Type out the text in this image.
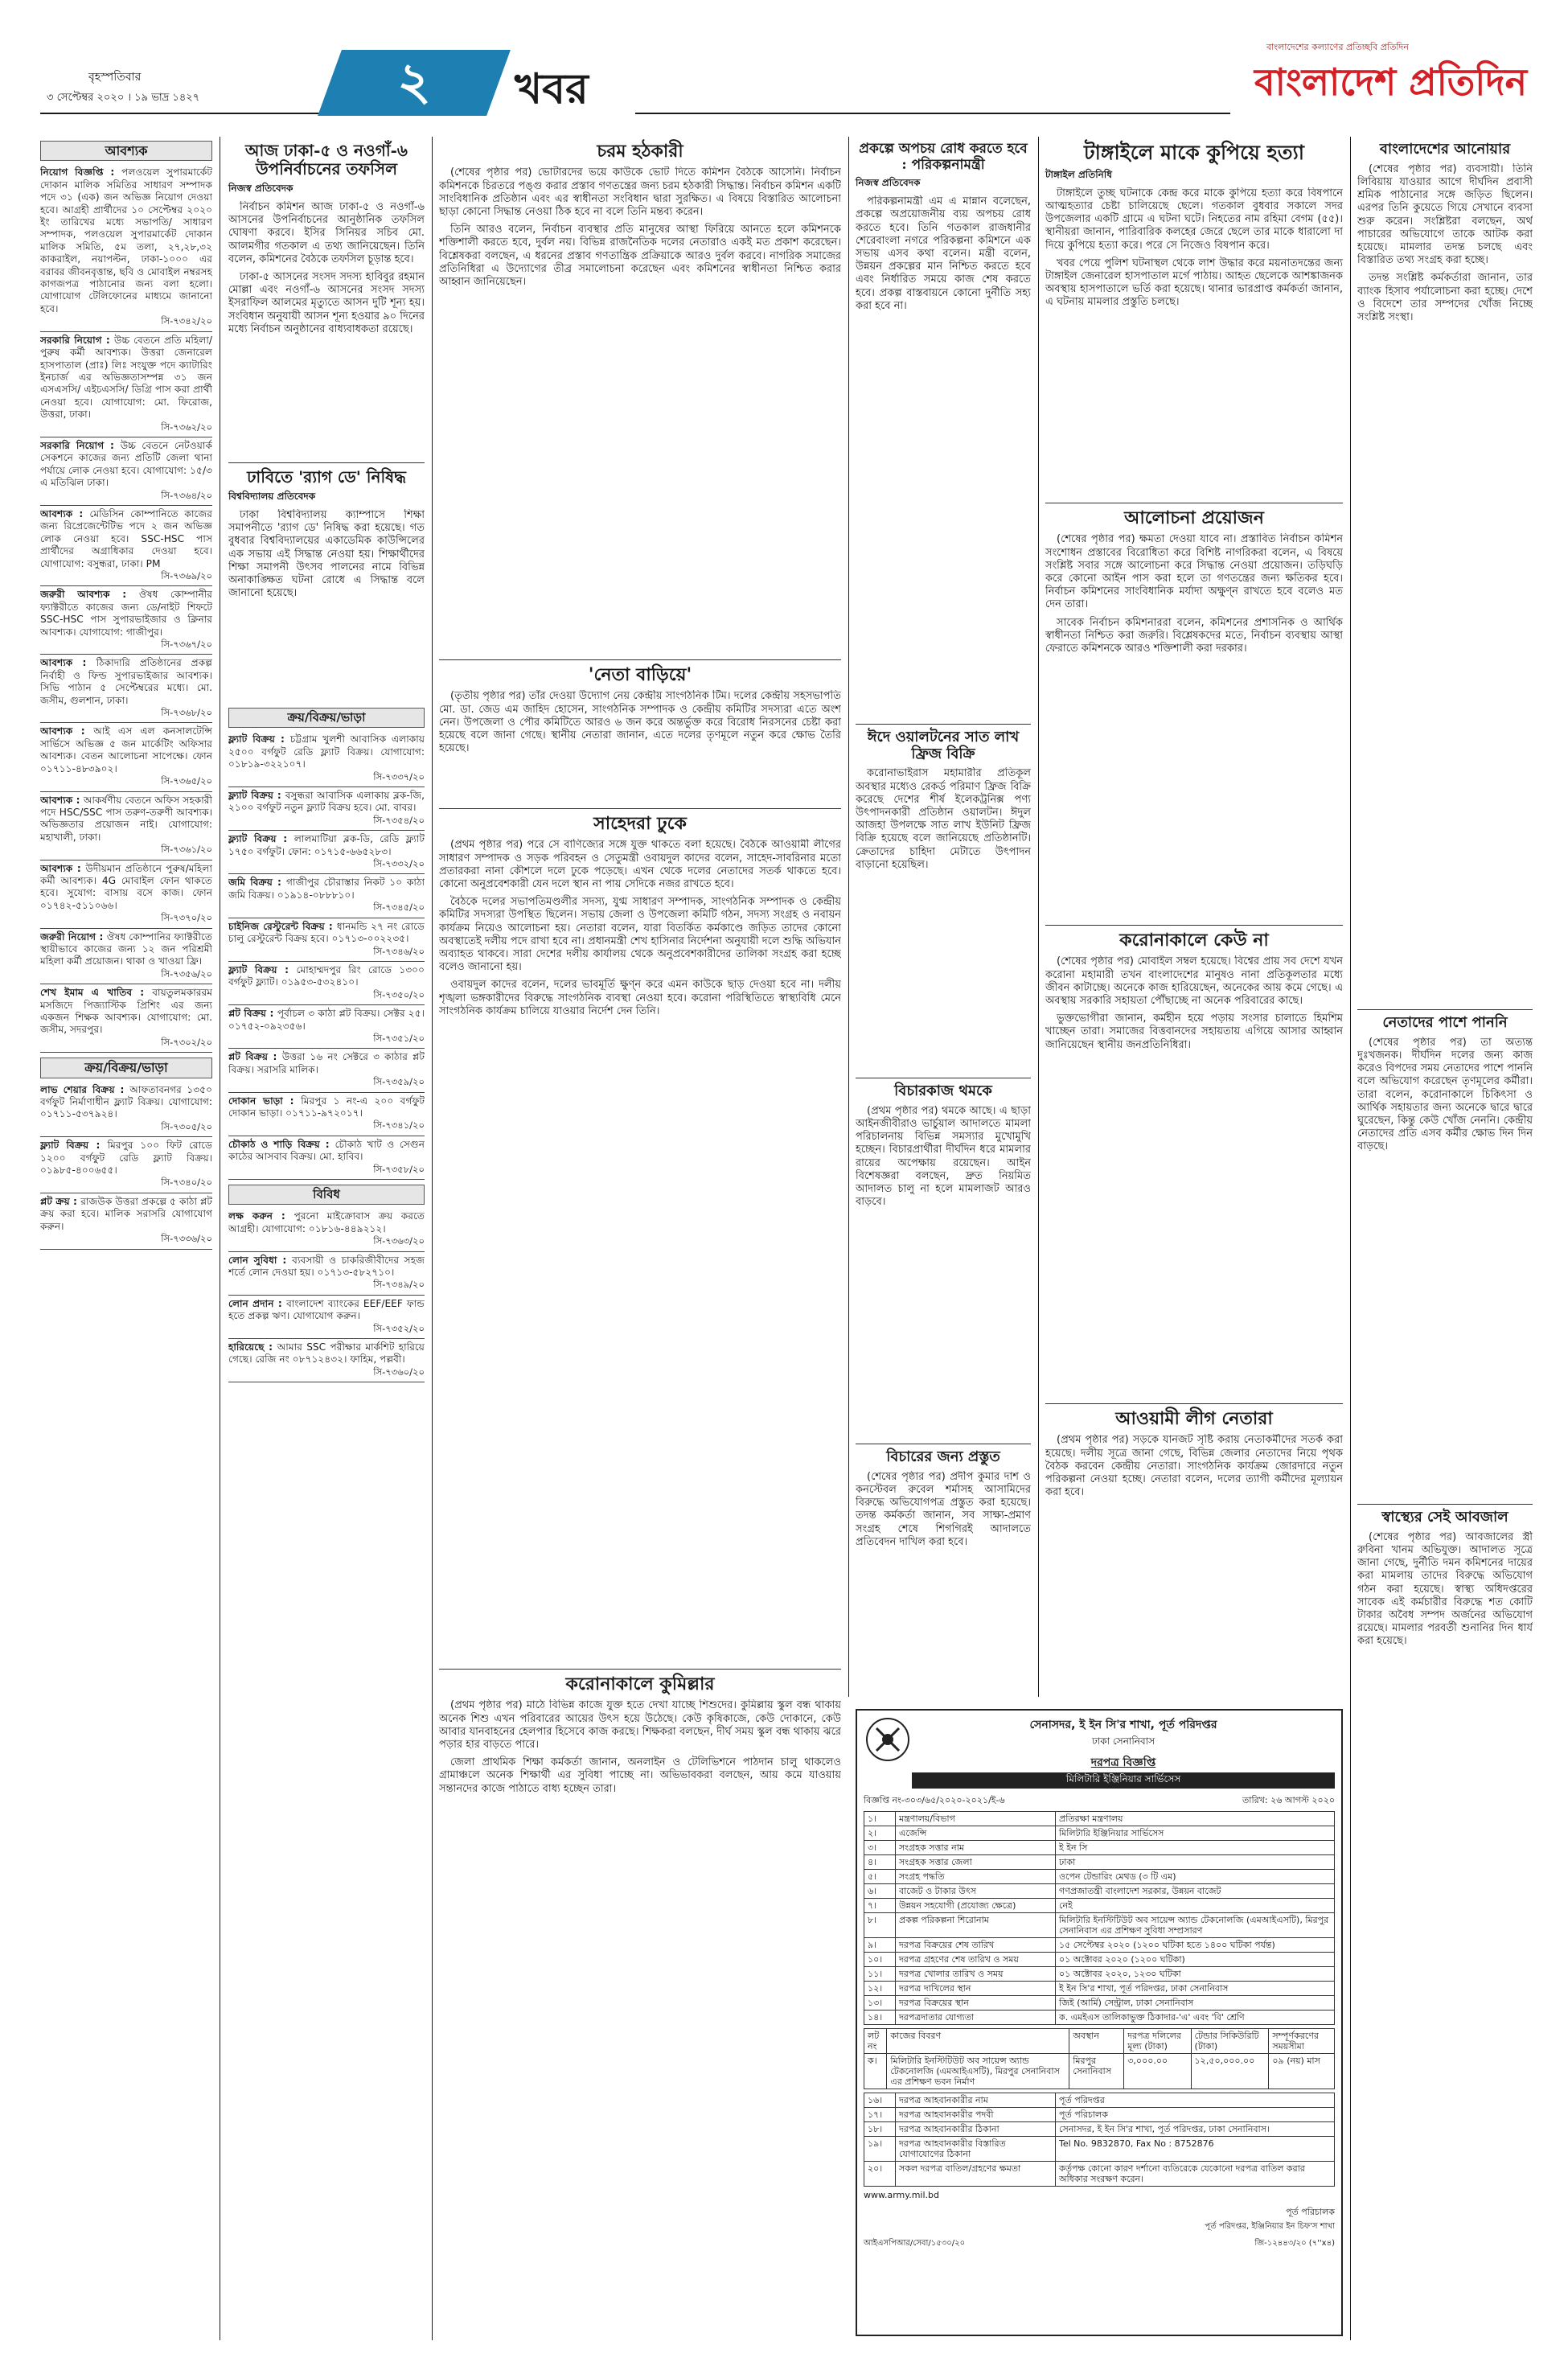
বৃহস্পতিবার
৩ সেপ্টেম্বর ২০২০ । ১৯ ভাদ্র ১৪২৭	২	খবর
বাংলাদেশের কল্যাণের প্রতিচ্ছবি প্রতিদিন
বাংলাদেশ প্রতিদিন
আবশ্যক
নিয়োগ বিজ্ঞপ্তি : পলওয়েল সুপারমার্কেট দোকান মালিক সমিতির সাধারণ সম্পাদক পদে ৩১ (এক) জন অভিজ্ঞ নিয়োগ দেওয়া হবে। আগ্রহী প্রার্থীদের ১০ সেপ্টেম্বর ২০২০ ইং তারিখের মধ্যে সভাপতি/ সাধারণ সম্পাদক, পলওয়েল সুপারমার্কেট দোকান মালিক সমিতি, ৫ম তলা, ২৭,২৮,৩২ কাকরাইল, নয়াপল্টন, ঢাকা-১০০০ এর বরাবর জীবনবৃত্তান্ত, ছবি ও মোবাইল নম্বরসহ কাগজপত্র পাঠানোর জন্য বলা হলো। যোগাযোগ টেলিফোনের মাধ্যমে জানানো হবে।
সি-৭৩৪২/২০
সরকারি নিয়োগ : উচ্চ বেতনে প্রতি মহিলা/পুরুষ কর্মী আবশ্যক। উত্তরা জেনারেল হাসপাতাল (প্রাঃ) লিঃ সংযুক্ত পদে ক্যাটারিং ইনচার্জ এর অভিজ্ঞতাসম্পন্ন ৩১ জন এসএসসি/ এইচএসসি/ ডিগ্রি পাস করা প্রার্থী নেওয়া হবে। যোগাযোগ: মো. ফিরোজ, উত্তরা, ঢাকা।
সি-৭৩৬২/২০
সরকারি নিয়োগ : উচ্চ বেতনে নেটওয়ার্ক সেকশনে কাজের জন্য প্রতিটি জেলা থানা পর্যায়ে লোক নেওয়া হবে। যোগাযোগ: ১৫/৩ এ মতিঝিল ঢাকা।
সি-৭৩৬৪/২০
আবশ্যক : মেডিসিন কোম্পানিতে কাজের জন্য রিপ্রেজেন্টেটিভ পদে ২ জন অভিজ্ঞ লোক নেওয়া হবে। SSC-HSC পাস প্রার্থীদের অগ্রাধিকার দেওয়া হবে। যোগাযোগ: বসুন্ধরা, ঢাকা। PM
সি-৭৩৬৯/২০
জরুরী আবশ্যক : ঔষধ কোম্পানীর ফ্যাক্টরীতে কাজের জন্য ডে/নাইট শিফটে SSC-HSC পাস সুপারভাইজার ও ক্লিনার আবশ্যক। যোগাযোগ: গাজীপুর।
সি-৭৩৬৭/২০
আবশ্যক : ঠিকাদারি প্রতিষ্ঠানের প্রকল্প নির্বাহী ও ফিল্ড সুপারভাইজার আবশ্যক। সিভি পাঠান ৫ সেপ্টেম্বরের মধ্যে। মো. জসীম, গুলশান, ঢাকা।
সি-৭৩৬৮/২০
আবশ্যক : আই এস এল কনসালটেন্সি সার্ভিসে অভিজ্ঞ ৫ জন মার্কেটিং অফিসার আবশ্যক। বেতন আলোচনা সাপেক্ষে। ফোন ০১৭১১-৪৮৩৯০২।
সি-৭৩৬৫/২০
আবশ্যক : আকর্ষণীয় বেতনে অফিস সহকারী পদে HSC/SSC পাস তরুণ-তরুণী আবশ্যক। অভিজ্ঞতার প্রয়োজন নাই। যোগাযোগ: মহাখালী, ঢাকা।
সি-৭৩৬১/২০
আবশ্যক : উদীয়মান প্রতিষ্ঠানে পুরুষ/মহিলা কর্মী আবশ্যক। 4G মোবাইল ফোন থাকতে হবে। সুযোগ: বাসায় বসে কাজ। ফোন ০১৭৪২-৫১১০৬৬।
সি-৭৩৭০/২০
জরুরী নিয়োগ : ঔষধ কোম্পানির ফ্যাক্টরীতে স্থায়ীভাবে কাজের জন্য ১২ জন পরিশ্রমী মহিলা কর্মী প্রয়োজন। থাকা ও খাওয়া ফ্রি।
সি-৭৩৫৬/২০
শেখ ইমাম এ খাতিব : বায়তুলমকাররম মসজিদে পিজ্যাস্টিক প্রিশিং এর জন্য একজন শিক্ষক আবশ্যক। যোগাযোগ: মো. জসীম, সদরপুর।
সি-৭৩০২/২০
ক্রয়/বিক্রয়/ভাড়া
লাভ শেয়ার বিক্রয় : আফতাবনগর ১৩৫০ বর্গফুট নির্মাণাধীন ফ্ল্যাট বিক্রয়। যোগাযোগ: ০১৭১১-৫৩৭৯২৪।
সি-৭৩০৫/২০
ফ্ল্যাট বিক্রয় : মিরপুর ১০০ ফিট রোডে ১২০০ বর্গফুট রেডি ফ্ল্যাট বিক্রয়। ০১৯৮৫-৪০০৬৫৫।
সি-৭৩৪০/২০
প্লট ক্রয় : রাজউক উত্তরা প্রকল্পে ৫ কাঠা প্লট ক্রয় করা হবে। মালিক সরাসরি যোগাযোগ করুন।
সি-৭৩৩৬/২০
আজ ঢাকা-৫ ও নওগাঁ-৬ উপনির্বাচনের তফসিল
নিজস্ব প্রতিবেদক

নির্বাচন কমিশন আজ ঢাকা-৫ ও নওগাঁ-৬ আসনের উপনির্বাচনের আনুষ্ঠানিক তফসিল ঘোষণা করবে। ইসির সিনিয়র সচিব মো. আলমগীর গতকাল এ তথ্য জানিয়েছেন। তিনি বলেন, কমিশনের বৈঠকে তফসিল চূড়ান্ত হবে।

ঢাকা-৫ আসনের সংসদ সদস্য হাবিবুর রহমান মোল্লা এবং নওগাঁ-৬ আসনের সংসদ সদস্য ইসরাফিল আলমের মৃত্যুতে আসন দুটি শূন্য হয়। সংবিধান অনুযায়ী আসন শূন্য হওয়ার ৯০ দিনের মধ্যে নির্বাচন অনুষ্ঠানের বাধ্যবাধকতা রয়েছে।

ঢাবিতে 'র‍্যাগ ডে' নিষিদ্ধ
বিশ্ববিদ্যালয় প্রতিবেদক

ঢাকা বিশ্ববিদ্যালয় ক্যাম্পাসে শিক্ষা সমাপনীতে 'র‍্যাগ ডে' নিষিদ্ধ করা হয়েছে। গত বুধবার বিশ্ববিদ্যালয়ের একাডেমিক কাউন্সিলের এক সভায় এই সিদ্ধান্ত নেওয়া হয়। শিক্ষার্থীদের শিক্ষা সমাপনী উৎসব পালনের নামে বিভিন্ন অনাকাঙ্ক্ষিত ঘটনা রোধে এ সিদ্ধান্ত বলে জানানো হয়েছে।

ক্রয়/বিক্রয়/ভাড়া
ফ্ল্যাট বিক্রয় : চট্টগ্রাম খুলশী আবাসিক এলাকায় ২৫০০ বর্গফুট রেডি ফ্ল্যাট বিক্রয়। যোগাযোগ: ০১৮১৯-৩২২১০৭।
সি-৭৩৩৭/২০
ফ্ল্যাট বিক্রয় : বসুন্ধরা আবাসিক এলাকায় ব্লক-জি, ২১০০ বর্গফুট নতুন ফ্ল্যাট বিক্রয় হবে। মো. বাবর।
সি-৭৩৫৪/২০
ফ্ল্যাট বিক্রয় : লালমাটিয়া ব্লক-ডি, রেডি ফ্ল্যাট ১৭৫০ বর্গফুট। ফোন: ০১৭১৫-৬৬৫২৮৩।
সি-৭৩৩২/২০
জমি বিক্রয় : গাজীপুর চৌরাস্তার নিকট ১০ কাঠা জমি বিক্রয়। ০১৯১৪-০৮৮৮১০।
সি-৭৩৪৫/২০
চাইনিজ রেস্টুরেন্ট বিক্রয় : ধানমন্ডি ২৭ নং রোডে চালু রেস্টুরেন্ট বিক্রয় হবে। ০১৭১৩-০০২২৩৫।
সি-৭৩৪৬/২০
ফ্ল্যাট বিক্রয় : মোহাম্মদপুর রিং রোডে ১৩০০ বর্গফুট ফ্ল্যাট। ০১৯৫৩-৫৩২৪১০।
সি-৭৩৫০/২০
প্লট বিক্রয় : পূর্বাচল ৩ কাঠা প্লট বিক্রয়। সেক্টর ২৫। ০১৭৫২-০৯২৩৫৬।
সি-৭৩৫১/২০
প্লট বিক্রয় : উত্তরা ১৬ নং সেক্টরে ৩ কাঠার প্লট বিক্রয়। সরাসরি মালিক।
সি-৭৩৫৯/২০
দোকান ভাড়া : মিরপুর ১ নং-এ ২০০ বর্গফুট দোকান ভাড়া। ০১৭১১-৯৭২০১৭।
সি-৭৩৪১/২০
চৌকাঠ ও শাড়ি বিক্রয় : চৌকাঠ খাট ও সেগুন কাঠের আসবাব বিক্রয়। মো. হাবিব।
সি-৭৩৫৮/২০
বিবিধ
লক্ষ করুন : পুরনো মাইক্রোবাস ক্রয় করতে আগ্রহী। যোগাযোগ: ০১৮১৬-৪৪৯২১২।
সি-৭৩৬৩/২০
লোন সুবিধা : ব্যবসায়ী ও চাকরিজীবীদের সহজ শর্তে লোন দেওয়া হয়। ০১৭১৩-৫৮২৭১০।
সি-৭৩৪৯/২০
লোন প্রদান : বাংলাদেশ ব্যাংকের EEF/EEF ফান্ড হতে প্রকল্প ঋণ। যোগাযোগ করুন।
সি-৭৩৫২/২০
হারিয়েছে : আমার SSC পরীক্ষার মার্কশিট হারিয়ে গেছে। রেজি নং ০৮৭১২৪৩২। ফাহিম, পল্লবী।
সি-৭৩৬০/২০
চরম হঠকারী

(শেষের পৃষ্ঠার পর) ভোটারদের ভয়ে কাউকে ভোট দিতে কমিশন বৈঠকে আসেনি। নির্বাচন কমিশনকে চিরতরে পঙ্গু করার প্রস্তাব গণতন্ত্রের জন্য চরম হঠকারী সিদ্ধান্ত। নির্বাচন কমিশন একটি সাংবিধানিক প্রতিষ্ঠান এবং এর স্বাধীনতা সংবিধান দ্বারা সুরক্ষিত। এ বিষয়ে বিস্তারিত আলোচনা ছাড়া কোনো সিদ্ধান্ত নেওয়া ঠিক হবে না বলে তিনি মন্তব্য করেন।

তিনি আরও বলেন, নির্বাচন ব্যবস্থার প্রতি মানুষের আস্থা ফিরিয়ে আনতে হলে কমিশনকে শক্তিশালী করতে হবে, দুর্বল নয়। বিভিন্ন রাজনৈতিক দলের নেতারাও একই মত প্রকাশ করেছেন। বিশ্লেষকরা বলছেন, এ ধরনের প্রস্তাব গণতান্ত্রিক প্রক্রিয়াকে আরও দুর্বল করবে। নাগরিক সমাজের প্রতিনিধিরা এ উদ্যোগের তীব্র সমালোচনা করেছেন এবং কমিশনের স্বাধীনতা নিশ্চিত করার আহ্বান জানিয়েছেন।

'নেতা বাড়িয়ে'

(তৃতীয় পৃষ্ঠার পর) তাঁর দেওয়া উদ্যোগ নেয় কেন্দ্রীয় সাংগঠনিক টিম। দলের কেন্দ্রীয় সহসভাপতি মো. ডা. জেড এম জাহিদ হোসেন, সাংগঠনিক সম্পাদক ও কেন্দ্রীয় কমিটির সদস্যরা এতে অংশ নেন। উপজেলা ও পৌর কমিটিতে আরও ৬ জন করে অন্তর্ভুক্ত করে বিরোধ নিরসনের চেষ্টা করা হয়েছে বলে জানা গেছে। স্থানীয় নেতারা জানান, এতে দলের তৃণমূলে নতুন করে ক্ষোভ তৈরি হয়েছে।

সাহেদরা ঢুকে

(প্রথম পৃষ্ঠার পর) পরে সে বাণিজ্যের সঙ্গে যুক্ত থাকতে বলা হয়েছে। বৈঠকে আওয়ামী লীগের সাধারণ সম্পাদক ও সড়ক পরিবহন ও সেতুমন্ত্রী ওবায়দুল কাদের বলেন, সাহেদ-সাবরিনার মতো প্রতারকরা নানা কৌশলে দলে ঢুকে পড়েছে। এখন থেকে দলের নেতাদের সতর্ক থাকতে হবে। কোনো অনুপ্রবেশকারী যেন দলে স্থান না পায় সেদিকে নজর রাখতে হবে।

বৈঠকে দলের সভাপতিমণ্ডলীর সদস্য, যুগ্ম সাধারণ সম্পাদক, সাংগঠনিক সম্পাদক ও কেন্দ্রীয় কমিটির সদস্যরা উপস্থিত ছিলেন। সভায় জেলা ও উপজেলা কমিটি গঠন, সদস্য সংগ্রহ ও নবায়ন কার্যক্রম নিয়েও আলোচনা হয়। নেতারা বলেন, যারা বিতর্কিত কর্মকাণ্ডে জড়িত তাদের কোনো অবস্থাতেই দলীয় পদে রাখা হবে না। প্রধানমন্ত্রী শেখ হাসিনার নির্দেশনা অনুযায়ী দলে শুদ্ধি অভিযান অব্যাহত থাকবে। সারা দেশের দলীয় কার্যালয় থেকে অনুপ্রবেশকারীদের তালিকা সংগ্রহ করা হচ্ছে বলেও জানানো হয়।

ওবায়দুল কাদের বলেন, দলের ভাবমূর্তি ক্ষুণ্ন করে এমন কাউকে ছাড় দেওয়া হবে না। দলীয় শৃঙ্খলা ভঙ্গকারীদের বিরুদ্ধে সাংগঠনিক ব্যবস্থা নেওয়া হবে। করোনা পরিস্থিতিতে স্বাস্থ্যবিধি মেনে সাংগঠনিক কার্যক্রম চালিয়ে যাওয়ার নির্দেশ দেন তিনি।

করোনাকালে কুমিল্লার

(প্রথম পৃষ্ঠার পর) মাঠে বিভিন্ন কাজে যুক্ত হতে দেখা যাচ্ছে শিশুদের। কুমিল্লায় স্কুল বন্ধ থাকায় অনেক শিশু এখন পরিবারের আয়ের উৎস হয়ে উঠেছে। কেউ কৃষিকাজে, কেউ দোকানে, কেউ আবার যানবাহনের হেলপার হিসেবে কাজ করছে। শিক্ষকরা বলছেন, দীর্ঘ সময় স্কুল বন্ধ থাকায় ঝরে পড়ার হার বাড়তে পারে।

জেলা প্রাথমিক শিক্ষা কর্মকর্তা জানান, অনলাইন ও টেলিভিশনে পাঠদান চালু থাকলেও গ্রামাঞ্চলে অনেক শিক্ষার্থী এর সুবিধা পাচ্ছে না। অভিভাবকরা বলছেন, আয় কমে যাওয়ায় সন্তানদের কাজে পাঠাতে বাধ্য হচ্ছেন তারা।

প্রকল্পে অপচয় রোধ করতে হবে : পরিকল্পনামন্ত্রী
নিজস্ব প্রতিবেদক

পরিকল্পনামন্ত্রী এম এ মান্নান বলেছেন, প্রকল্পে অপ্রয়োজনীয় ব্যয় অপচয় রোধ করতে হবে। তিনি গতকাল রাজধানীর শেরেবাংলা নগরে পরিকল্পনা কমিশনে এক সভায় এসব কথা বলেন। মন্ত্রী বলেন, উন্নয়ন প্রকল্পের মান নিশ্চিত করতে হবে এবং নির্ধারিত সময়ে কাজ শেষ করতে হবে। প্রকল্প বাস্তবায়নে কোনো দুর্নীতি সহ্য করা হবে না।

ঈদে ওয়ালটনের সাত লাখ ফ্রিজ বিক্রি

করোনাভাইরাস মহামারীর প্রতিকূল অবস্থার মধ্যেও রেকর্ড পরিমাণ ফ্রিজ বিক্রি করেছে দেশের শীর্ষ ইলেকট্রনিক্স পণ্য উৎপাদনকারী প্রতিষ্ঠান ওয়ালটন। ঈদুল আজহা উপলক্ষে সাত লাখ ইউনিট ফ্রিজ বিক্রি হয়েছে বলে জানিয়েছে প্রতিষ্ঠানটি। ক্রেতাদের চাহিদা মেটাতে উৎপাদন বাড়ানো হয়েছিল।

বিচারকাজ থমকে

(প্রথম পৃষ্ঠার পর) থমকে আছে। এ ছাড়া আইনজীবীরাও ভার্চুয়াল আদালতে মামলা পরিচালনায় বিভিন্ন সমস্যার মুখোমুখি হচ্ছেন। বিচারপ্রার্থীরা দীর্ঘদিন ধরে মামলার রায়ের অপেক্ষায় রয়েছেন। আইন বিশেষজ্ঞরা বলছেন, দ্রুত নিয়মিত আদালত চালু না হলে মামলাজট আরও বাড়বে।

বিচারের জন্য প্রস্তুত

(শেষের পৃষ্ঠার পর) প্রদীপ কুমার দাশ ও কনস্টেবল রুবেল শর্মাসহ আসামিদের বিরুদ্ধে অভিযোগপত্র প্রস্তুত করা হয়েছে। তদন্ত কর্মকর্তা জানান, সব সাক্ষ্য-প্রমাণ সংগ্রহ শেষে শিগগিরই আদালতে প্রতিবেদন দাখিল করা হবে।

টাঙ্গাইলে মাকে কুপিয়ে হত্যা
টাঙ্গাইল প্রতিনিধি

টাঙ্গাইলে তুচ্ছ ঘটনাকে কেন্দ্র করে মাকে কুপিয়ে হত্যা করে বিষপানে আত্মহত্যার চেষ্টা চালিয়েছে ছেলে। গতকাল বুধবার সকালে সদর উপজেলার একটি গ্রামে এ ঘটনা ঘটে। নিহতের নাম রহিমা বেগম (৫৫)। স্থানীয়রা জানান, পারিবারিক কলহের জেরে ছেলে তার মাকে ধারালো দা দিয়ে কুপিয়ে হত্যা করে। পরে সে নিজেও বিষপান করে।

খবর পেয়ে পুলিশ ঘটনাস্থল থেকে লাশ উদ্ধার করে ময়নাতদন্তের জন্য টাঙ্গাইল জেনারেল হাসপাতাল মর্গে পাঠায়। আহত ছেলেকে আশঙ্কাজনক অবস্থায় হাসপাতালে ভর্তি করা হয়েছে। থানার ভারপ্রাপ্ত কর্মকর্তা জানান, এ ঘটনায় মামলার প্রস্তুতি চলছে।

আলোচনা প্রয়োজন

(শেষের পৃষ্ঠার পর) ক্ষমতা দেওয়া যাবে না। প্রস্তাবিত নির্বাচন কমিশন সংশোধন প্রস্তাবের বিরোধিতা করে বিশিষ্ট নাগরিকরা বলেন, এ বিষয়ে সংশ্লিষ্ট সবার সঙ্গে আলোচনা করে সিদ্ধান্ত নেওয়া প্রয়োজন। তড়িঘড়ি করে কোনো আইন পাস করা হলে তা গণতন্ত্রের জন্য ক্ষতিকর হবে। নির্বাচন কমিশনের সাংবিধানিক মর্যাদা অক্ষুণ্ন রাখতে হবে বলেও মত দেন তারা।

সাবেক নির্বাচন কমিশনাররা বলেন, কমিশনের প্রশাসনিক ও আর্থিক স্বাধীনতা নিশ্চিত করা জরুরি। বিশ্লেষকদের মতে, নির্বাচন ব্যবস্থায় আস্থা ফেরাতে কমিশনকে আরও শক্তিশালী করা দরকার।

করোনাকালে কেউ না

(শেষের পৃষ্ঠার পর) মোবাইল সম্বল হয়েছে। বিশ্বের প্রায় সব দেশে যখন করোনা মহামারী তখন বাংলাদেশের মানুষও নানা প্রতিকূলতার মধ্যে জীবন কাটাচ্ছে। অনেকে কাজ হারিয়েছেন, অনেকের আয় কমে গেছে। এ অবস্থায় সরকারি সহায়তা পৌঁছাচ্ছে না অনেক পরিবারের কাছে।

ভুক্তভোগীরা জানান, কর্মহীন হয়ে পড়ায় সংসার চালাতে হিমশিম খাচ্ছেন তারা। সমাজের বিত্তবানদের সহায়তায় এগিয়ে আসার আহ্বান জানিয়েছেন স্থানীয় জনপ্রতিনিধিরা।

আওয়ামী লীগ নেতারা

(প্রথম পৃষ্ঠার পর) সড়কে যানজট সৃষ্টি করায় নেতাকর্মীদের সতর্ক করা হয়েছে। দলীয় সূত্রে জানা গেছে, বিভিন্ন জেলার নেতাদের নিয়ে পৃথক বৈঠক করবেন কেন্দ্রীয় নেতারা। সাংগঠনিক কার্যক্রম জোরদারে নতুন পরিকল্পনা নেওয়া হচ্ছে। নেতারা বলেন, দলের ত্যাগী কর্মীদের মূল্যায়ন করা হবে।

বাংলাদেশের আনোয়ার

(শেষের পৃষ্ঠার পর) ব্যবসায়ী। তিনি লিবিয়ায় যাওয়ার আগে দীর্ঘদিন প্রবাসী শ্রমিক পাঠানোর সঙ্গে জড়িত ছিলেন। এরপর তিনি কুয়েতে গিয়ে সেখানে ব্যবসা শুরু করেন। সংশ্লিষ্টরা বলছেন, অর্থ পাচারের অভিযোগে তাকে আটক করা হয়েছে। মামলার তদন্ত চলছে এবং বিস্তারিত তথ্য সংগ্রহ করা হচ্ছে।

তদন্ত সংশ্লিষ্ট কর্মকর্তারা জানান, তার ব্যাংক হিসাব পর্যালোচনা করা হচ্ছে। দেশে ও বিদেশে তার সম্পদের খোঁজ নিচ্ছে সংশ্লিষ্ট সংস্থা।

নেতাদের পাশে পাননি

(শেষের পৃষ্ঠার পর) তা অত্যন্ত দুঃখজনক। দীর্ঘদিন দলের জন্য কাজ করেও বিপদের সময় নেতাদের পাশে পাননি বলে অভিযোগ করেছেন তৃণমূলের কর্মীরা। তারা বলেন, করোনাকালে চিকিৎসা ও আর্থিক সহায়তার জন্য অনেকে দ্বারে দ্বারে ঘুরেছেন, কিন্তু কেউ খোঁজ নেননি। কেন্দ্রীয় নেতাদের প্রতি এসব কর্মীর ক্ষোভ দিন দিন বাড়ছে।

স্বাস্থ্যের সেই আবজাল

(শেষের পৃষ্ঠার পর) আবজালের স্ত্রী রুবিনা খানম অভিযুক্ত। আদালত সূত্রে জানা গেছে, দুর্নীতি দমন কমিশনের দায়ের করা মামলায় তাদের বিরুদ্ধে অভিযোগ গঠন করা হয়েছে। স্বাস্থ্য অধিদপ্তরের সাবেক এই কর্মচারীর বিরুদ্ধে শত কোটি টাকার অবৈধ সম্পদ অর্জনের অভিযোগ রয়েছে। মামলার পরবর্তী শুনানির দিন ধার্য করা হয়েছে।

সেনাসদর, ই ইন সি'র শাখা, পূর্ত পরিদপ্তর
ঢাকা সেনানিবাস
দরপত্র বিজ্ঞপ্তি
মিলিটারি ইঞ্জিনিয়ার সার্ভিসেস
বিজ্ঞপ্তি নং-৩০৩/৬৫/২০২০-২০২১/ই-৬	তারিখ: ২৬ আগস্ট ২০২০
১।	মন্ত্রণালয়/বিভাগ	প্রতিরক্ষা মন্ত্রণালয়
২।	এজেন্সি	মিলিটারি ইঞ্জিনিয়ার সার্ভিসেস
৩।	সংগ্রহক সত্তার নাম	ই ইন সি
৪।	সংগ্রহক সত্তার জেলা	ঢাকা
৫।	সংগ্রহ পদ্ধতি	ওপেন টেন্ডারিং মেথড (৩ টি এম)
৬।	বাজেট ও টাকার উৎস	গণপ্রজাতন্ত্রী বাংলাদেশ সরকার, উন্নয়ন বাজেট
৭।	উন্নয়ন সহযোগী (প্রযোজ্য ক্ষেত্রে)	নেই
৮।	প্রকল্প পরিকল্পনা শিরোনাম	মিলিটারি ইনস্টিটিউট অব সায়েন্স অ্যান্ড টেকনোলজি (এমআইএসটি), মিরপুর সেনানিবাস এর প্রশিক্ষণ সুবিধা সম্প্রসারণ
৯।	দরপত্র বিক্রয়ের শেষ তারিখ	১৫ সেপ্টেম্বর ২০২০ (১২০০ ঘটিকা হতে ১৪০০ ঘটিকা পর্যন্ত)
১০।	দরপত্র গ্রহণের শেষ তারিখ ও সময়	০১ অক্টোবর ২০২০ (১২০০ ঘটিকা)
১১।	দরপত্র খোলার তারিখ ও সময়	০১ অক্টোবর ২০২০, ১২৩০ ঘটিকা
১২।	দরপত্র দাখিলের স্থান	ই ইন সি'র শাখা, পূর্ত পরিদপ্তর, ঢাকা সেনানিবাস
১৩।	দরপত্র বিক্রয়ের স্থান	জিই (আর্মি) সেন্ট্রাল, ঢাকা সেনানিবাস
১৪।	দরপত্রদাতার যোগ্যতা	ক. এমইএস তালিকাভুক্ত ঠিকাদার-'এ' এবং 'বি' শ্রেণি
লট নং	কাজের বিবরণ	অবস্থান	দরপত্র দলিলের মূল্য (টাকা)	টেন্ডার সিকিউরিটি (টাকা)	সম্পূর্ণকরণের সময়সীমা
ক।	মিলিটারি ইনস্টিটিউট অব সায়েন্স অ্যান্ড টেকনোলজি (এমআইএসটি), মিরপুর সেনানিবাস এর প্রশিক্ষণ ভবন নির্মাণ	মিরপুর সেনানিবাস	৩,০০০.০০	১২,৫০,০০০.০০	০৯ (নয়) মাস
১৬।	দরপত্র আহবানকারীর নাম	পূর্ত পরিদপ্তর
১৭।	দরপত্র আহবানকারীর পদবী	পূর্ত পরিচালক
১৮।	দরপত্র আহবানকারীর ঠিকানা	সেনাসদর, ই ইন সি'র শাখা, পূর্ত পরিদপ্তর, ঢাকা সেনানিবাস।
১৯।	দরপত্র আহবানকারীর বিস্তারিত যোগাযোগের ঠিকানা	Tel No. 9832870, Fax No : 8752876
২০।	সকল দরপত্র বাতিল/গ্রহণের ক্ষমতা	কর্তৃপক্ষ কোনো কারণ দর্শানো ব্যতিরেকে যেকোনো দরপত্র বাতিল করার অধিকার সংরক্ষণ করেন।
www.army.mil.bd
পূর্ত পরিচালক
পূর্ত পরিদপ্তর, ইঞ্জিনিয়ার ইন চিফ'স শাখা
আইএসপিআর/সেবা/১৫৩০/২০	জি-১২৪৪৩/২০ (৭''x৪)
